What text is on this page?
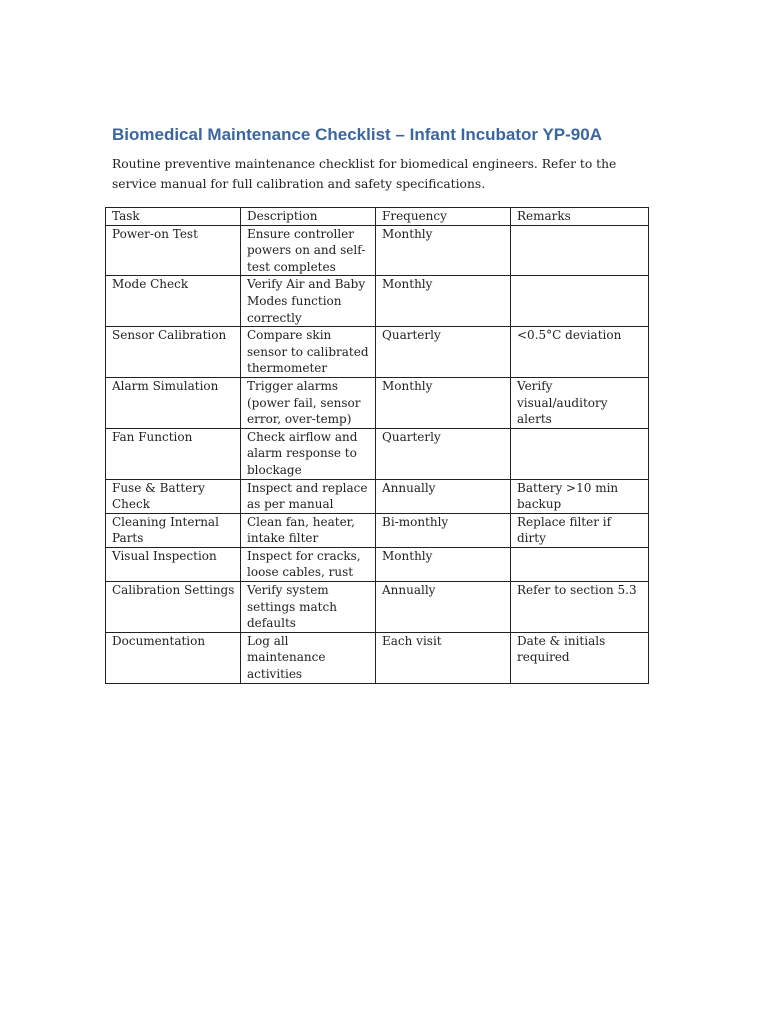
Biomedical Maintenance Checklist – Infant Incubator YP-90A

Routine preventive maintenance checklist for biomedical engineers. Refer to the service manual for full calibration and safety specifications.

Task	Description	Frequency	Remarks
Power-on Test	Ensure controller powers on and self-test completes	Monthly	
Mode Check	Verify Air and Baby Modes function correctly	Monthly	
Sensor Calibration	Compare skin sensor to calibrated thermometer	Quarterly	<0.5°C deviation
Alarm Simulation	Trigger alarms (power fail, sensor error, over-temp)	Monthly	Verify visual/auditory alerts
Fan Function	Check airflow and alarm response to blockage	Quarterly	
Fuse & Battery Check	Inspect and replace as per manual	Annually	Battery >10 min backup
Cleaning Internal Parts	Clean fan, heater, intake filter	Bi-monthly	Replace filter if dirty
Visual Inspection	Inspect for cracks, loose cables, rust	Monthly	
Calibration Settings	Verify system settings match defaults	Annually	Refer to section 5.3
Documentation	Log all maintenance activities	Each visit	Date & initials required
